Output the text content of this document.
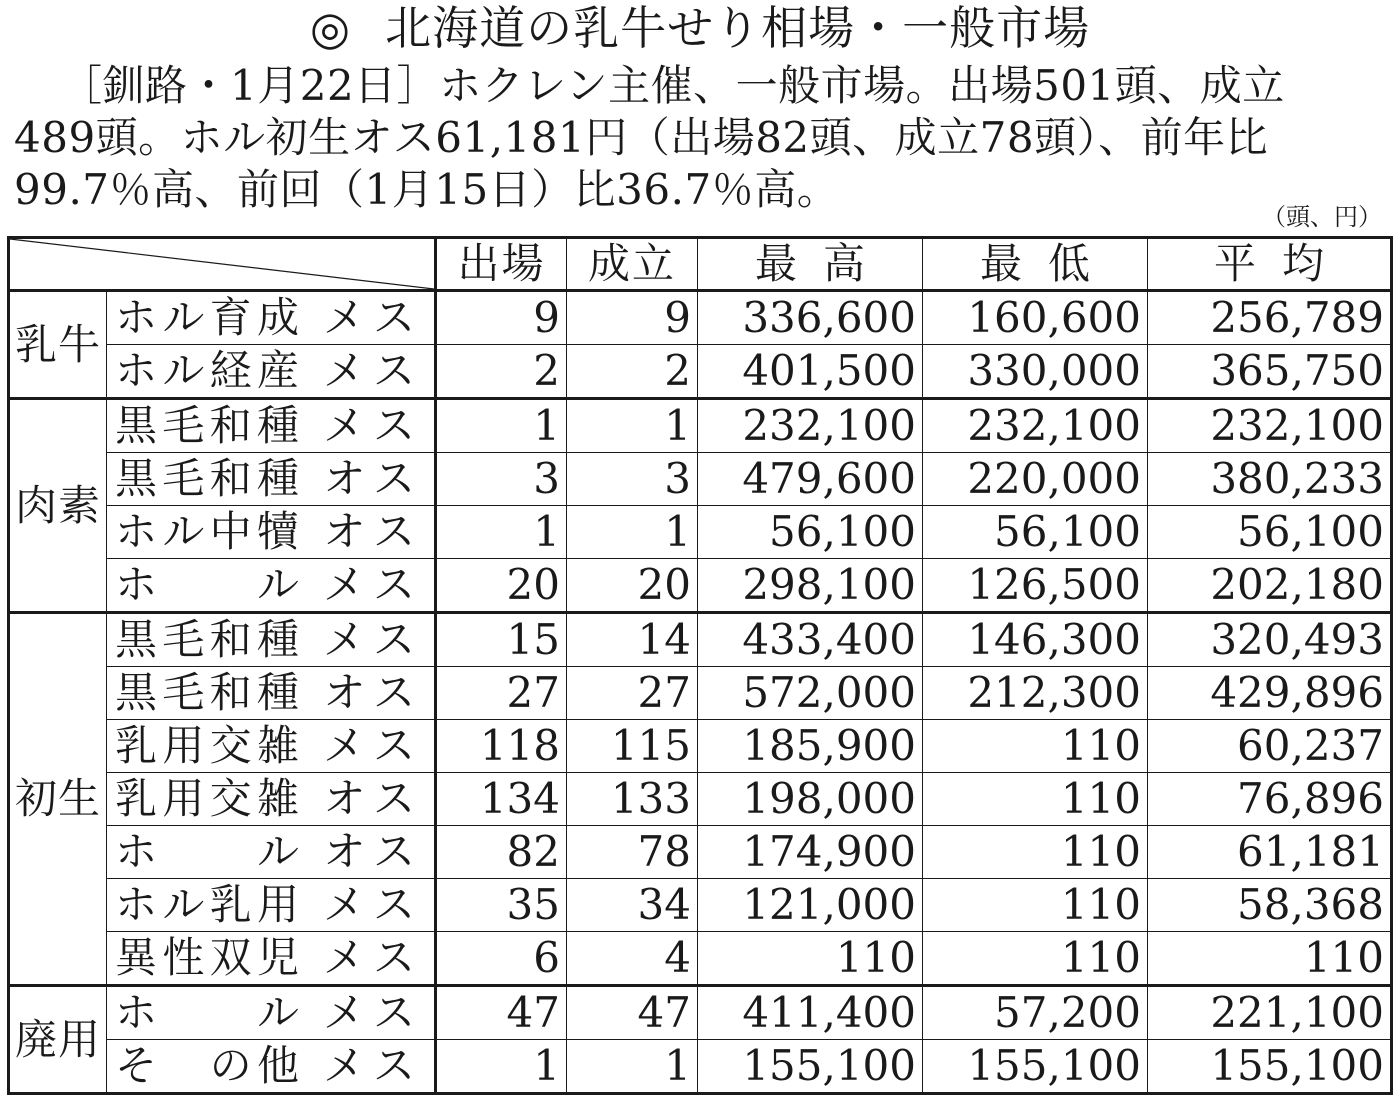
◎ 北海道の乳牛せり相場・一般市場
［釧路・1月22日］ホクレン主催、一般市場。出場501頭、成立
489頭。ホル初生オス61,181円（出場82頭、成立78頭）、前年比
99.7％高、前回（1月15日）比36.7％高。
（頭、円）
	出場	成立	最高	最低	平均
乳牛	ホ ル 育 成 メス	9	9	336,600	160,600	256,789

	ホ ル 経 産 メス	2	2	401,500	330,000	365,750
肉素	黒 毛 和 種 メス	1	1	232,100	232,100	232,100

	黒 毛 和 種 オス	3	3	479,600	220,000	380,233

	ホ ル 中 犢 オス	1	1	56,100	56,100	56,100

	ホ ル メス	20	20	298,100	126,500	202,180
初生	黒 毛 和 種 メス	15	14	433,400	146,300	320,493

	黒 毛 和 種 オス	27	27	572,000	212,300	429,896

	乳 用 交 雑 メス	118	115	185,900	110	60,237

	乳 用 交 雑 オス	134	133	198,000	110	76,896

	ホ ル オス	82	78	174,900	110	61,181

	ホ ル 乳 用 メス	35	34	121,000	110	58,368

	異 性 双 児 メス	6	4	110	110	110
廃用	ホ ル メス	47	47	411,400	57,200	221,100

	そ の 他 メス	1	1	155,100	155,100	155,100
